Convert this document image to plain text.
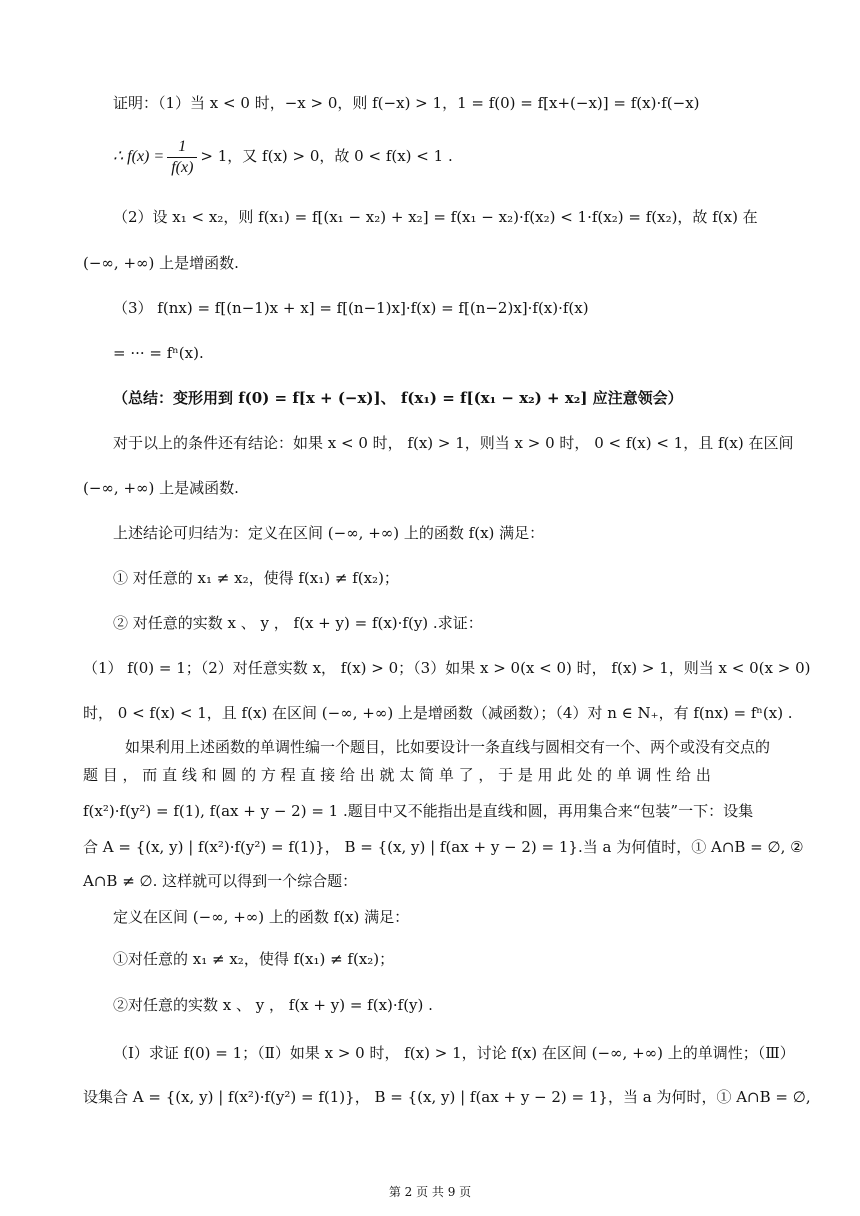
证明：（1）当 x < 0 时，−x > 0，则 f(−x) > 1，1 = f(0) = f[x+(−x)] = f(x)·f(−x)
∴ $f(x) = \frac{1}{f(x)} > 1$，又 f(x) > 0，故 0 < f(x) < 1 .
（2）设 x₁ < x₂，则 f(x₁) = f[(x₁ − x₂) + x₂] = f(x₁ − x₂)·f(x₂) < 1·f(x₂) = f(x₂)，故 f(x) 在
(−∞, +∞) 上是增函数.
（3） f(nx) = f[(n−1)x + x] = f[(n−1)x]·f(x) = f[(n−2)x]·f(x)·f(x)
= ··· = fⁿ(x).
（总结：变形用到 f(0) = f[x + (−x)]、 f(x₁) = f[(x₁ − x₂) + x₂] 应注意领会）
对于以上的条件还有结论：如果 x < 0 时， f(x) > 1，则当 x > 0 时， 0 < f(x) < 1，且 f(x) 在区间
(−∞, +∞) 上是减函数.
上述结论可归结为：定义在区间 (−∞, +∞) 上的函数 f(x) 满足：
① 对任意的 x₁ ≠ x₂，使得 f(x₁) ≠ f(x₂)；
② 对任意的实数 x 、 y ， f(x + y) = f(x)·f(y) .求证：
（1） f(0) = 1；（2）对任意实数 x， f(x) > 0；（3）如果 x > 0(x < 0) 时， f(x) > 1，则当 x < 0(x > 0)
时， 0 < f(x) < 1，且 f(x) 在区间 (−∞, +∞) 上是增函数（减函数）；（4）对 n ∈ N₊，有 f(nx) = fⁿ(x) .
如果利用上述函数的单调性编一个题目，比如要设计一条直线与圆相交有一个、两个或没有交点的
题 目 ， 而 直 线 和 圆 的 方 程 直 接 给 出 就 太 简 单 了 ， 于 是 用 此 处 的 单 调 性 给 出
f(x²)·f(y²) = f(1), f(ax + y − 2) = 1 .题目中又不能指出是直线和圆，再用集合来“包装”一下：设集
合 A = {(x, y) | f(x²)·f(y²) = f(1)}， B = {(x, y) | f(ax + y − 2) = 1}.当 a 为何值时，① A∩B = ∅, ②
A∩B ≠ ∅. 这样就可以得到一个综合题：
定义在区间 (−∞, +∞) 上的函数 f(x) 满足：
①对任意的 x₁ ≠ x₂，使得 f(x₁) ≠ f(x₂)；
②对任意的实数 x 、 y ， f(x + y) = f(x)·f(y) .
（Ⅰ）求证 f(0) = 1；（Ⅱ）如果 x > 0 时， f(x) > 1，讨论 f(x) 在区间 (−∞, +∞) 上的单调性；（Ⅲ）
设集合 A = {(x, y) | f(x²)·f(y²) = f(1)}， B = {(x, y) | f(ax + y − 2) = 1}，当 a 为何时，① A∩B = ∅,
第 2 页 共 9 页
